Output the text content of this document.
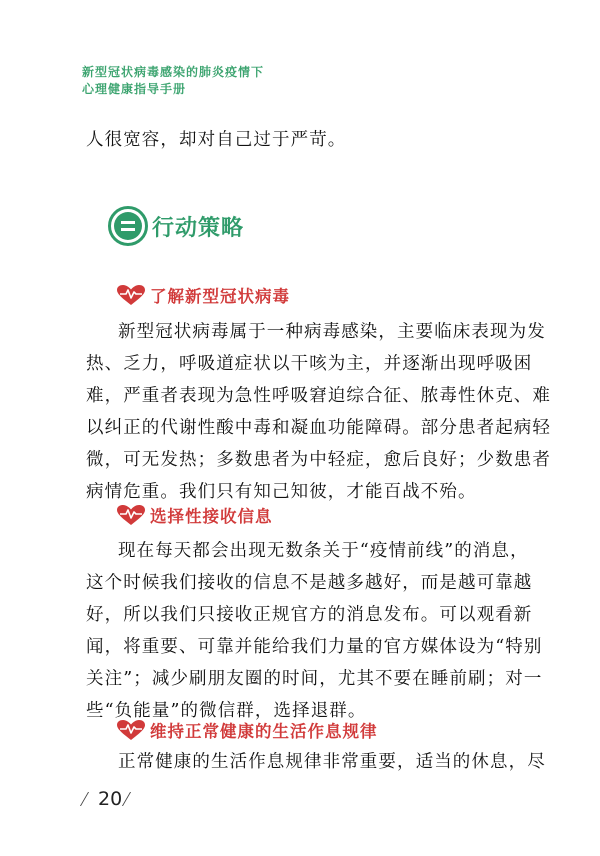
新型冠状病毒感染的肺炎疫情下
心理健康指导手册
人很宽容，却对自己过于严苛。
行动策略
了解新型冠状病毒
新型冠状病毒属于一种病毒感染，主要临床表现为发
热、乏力，呼吸道症状以干咳为主，并逐渐出现呼吸困
难，严重者表现为急性呼吸窘迫综合征、脓毒性休克、难
以纠正的代谢性酸中毒和凝血功能障碍。部分患者起病轻
微，可无发热；多数患者为中轻症，愈后良好；少数患者
病情危重。我们只有知己知彼，才能百战不殆。
选择性接收信息
现在每天都会出现无数条关于“疫情前线”的消息，
这个时候我们接收的信息不是越多越好，而是越可靠越
好，所以我们只接收正规官方的消息发布。可以观看新
闻，将重要、可靠并能给我们力量的官方媒体设为“特别
关注”；减少刷朋友圈的时间，尤其不要在睡前刷；对一
些“负能量”的微信群，选择退群。
维持正常健康的生活作息规律
正常健康的生活作息规律非常重要，适当的休息，尽
20
